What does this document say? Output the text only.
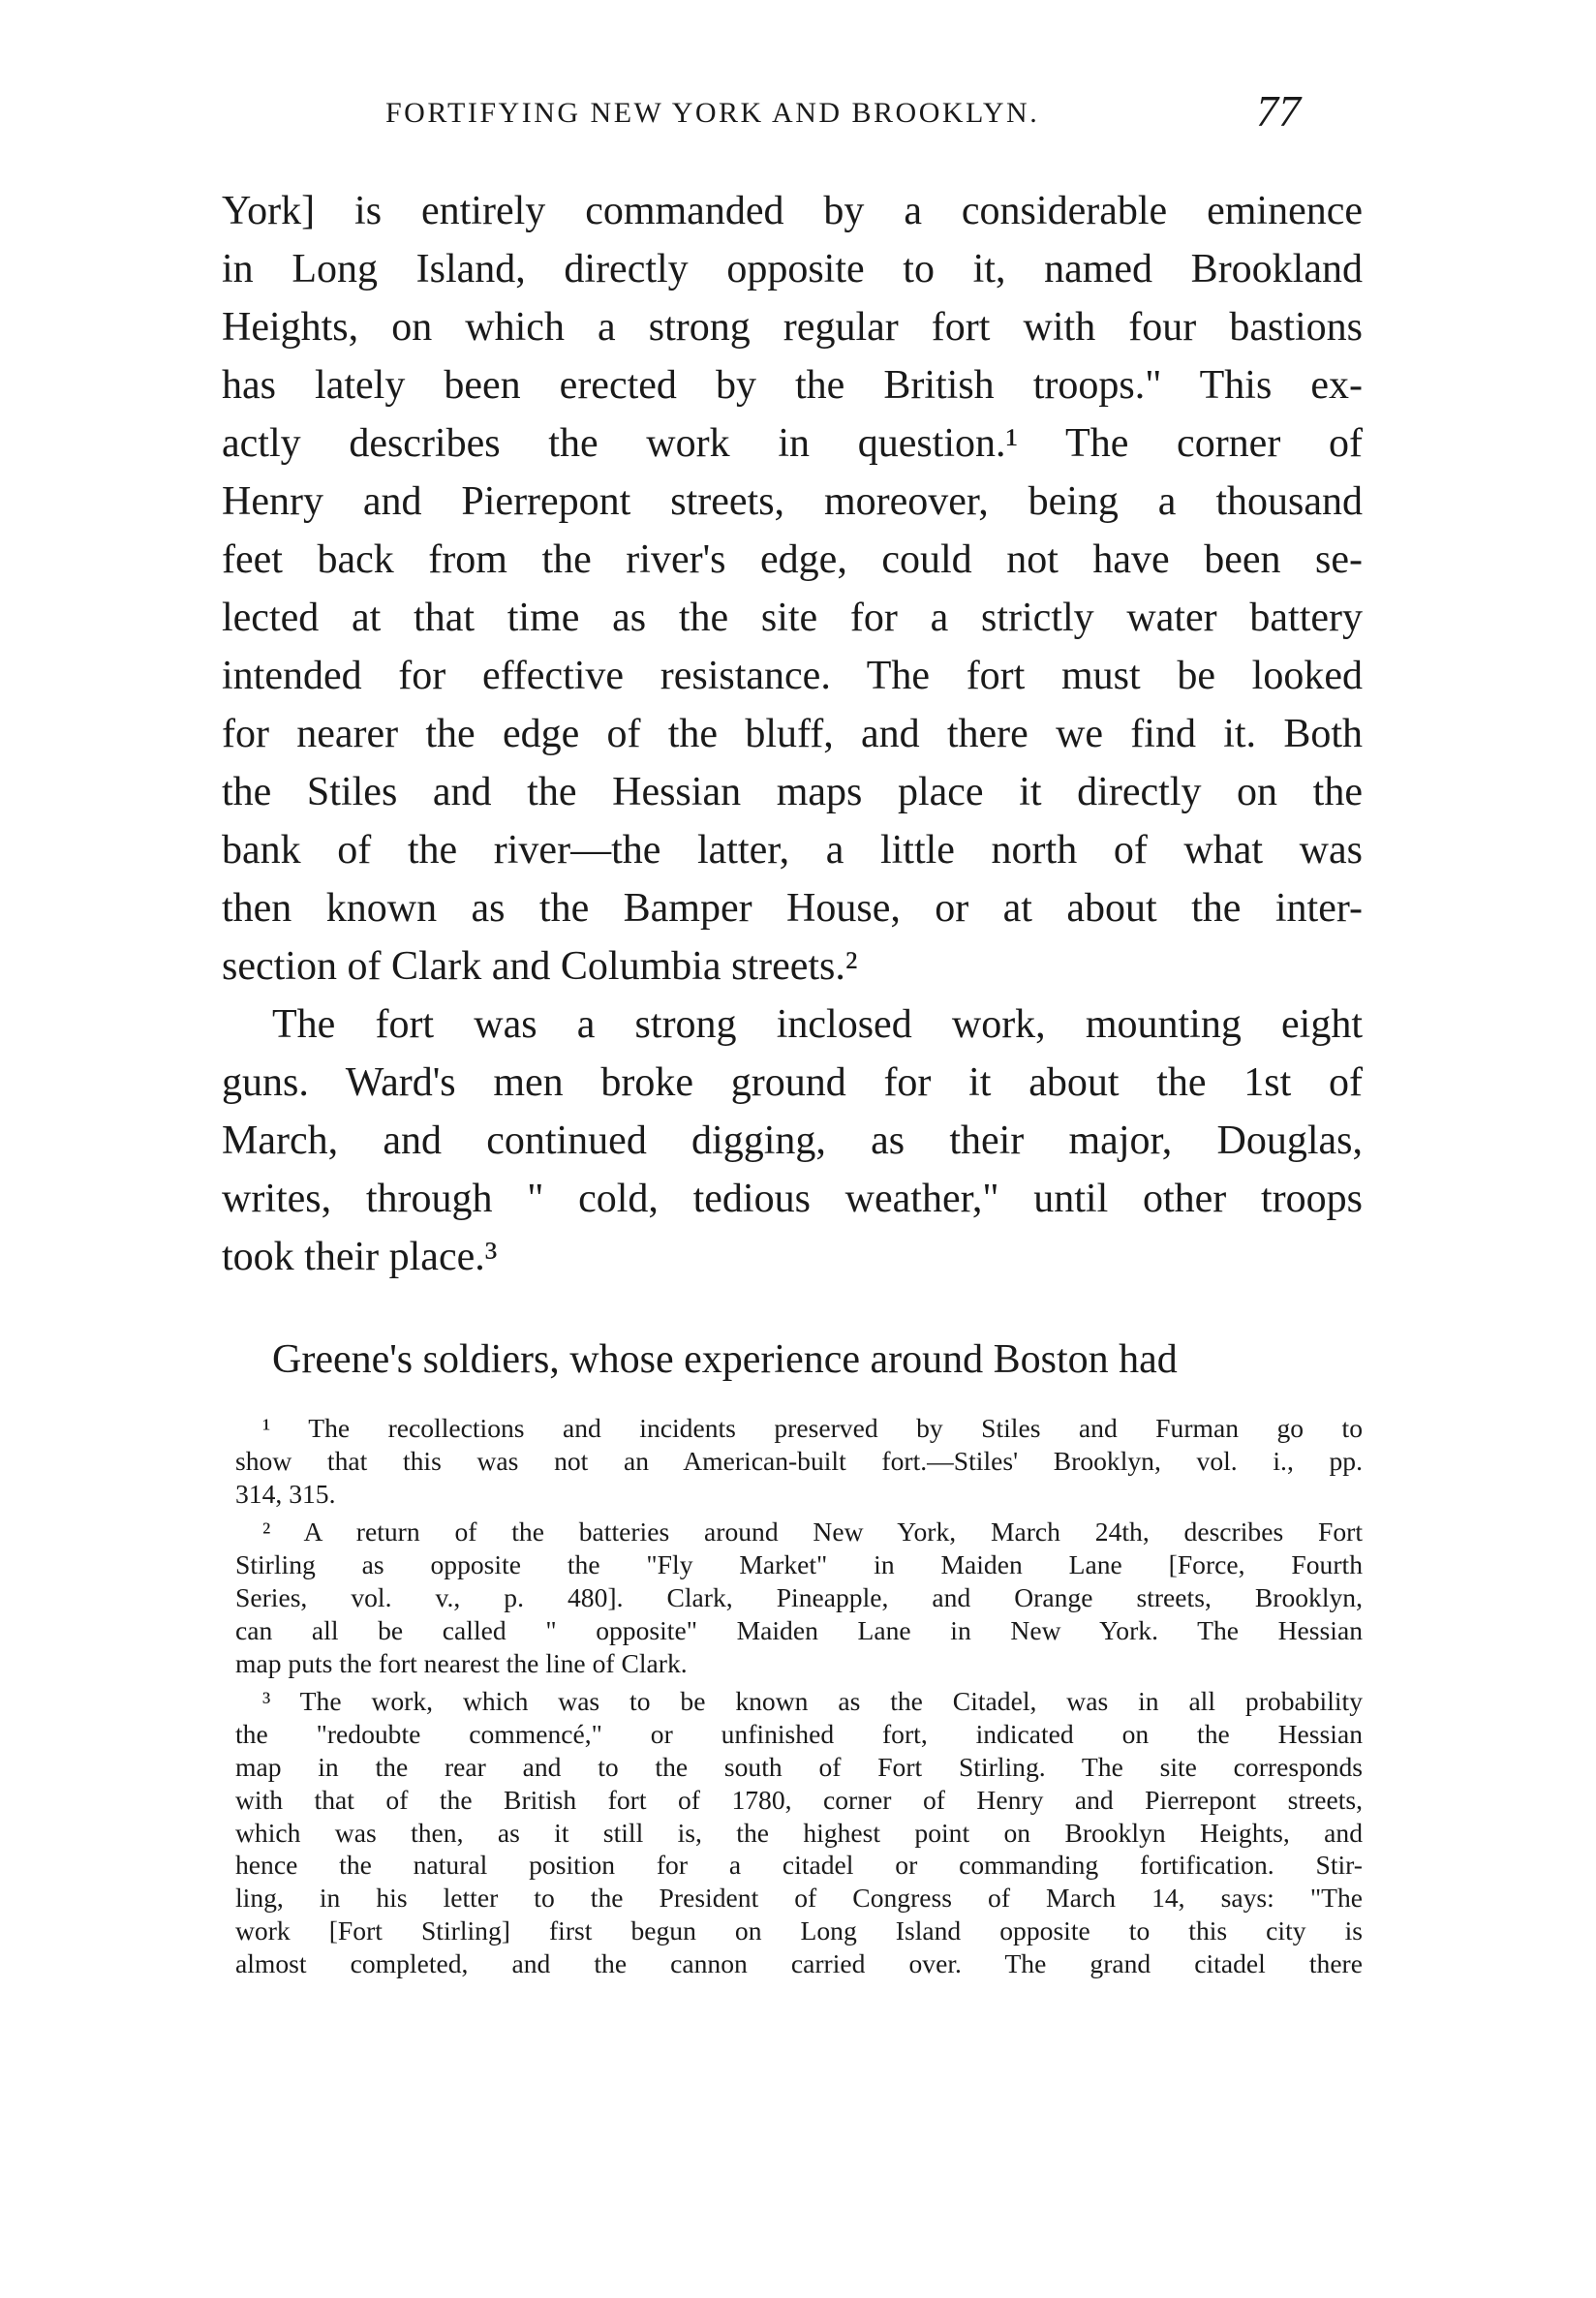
FORTIFYING NEW YORK AND BROOKLYN.	77
York] is entirely commanded by a considerable eminence
in Long Island, directly opposite to it, named Brookland
Heights, on which a strong regular fort with four bastions
has lately been erected by the British troops." This ex-
actly describes the work in question.¹ The corner of
Henry and Pierrepont streets, moreover, being a thousand
feet back from the river's edge, could not have been se-
lected at that time as the site for a strictly water battery
intended for effective resistance. The fort must be looked
for nearer the edge of the bluff, and there we find it. Both
the Stiles and the Hessian maps place it directly on the
bank of the river—the latter, a little north of what was
then known as the Bamper House, or at about the inter-
section of Clark and Columbia streets.²
The fort was a strong inclosed work, mounting eight
guns. Ward's men broke ground for it about the 1st of
March, and continued digging, as their major, Douglas,
writes, through " cold, tedious weather," until other troops
took their place.³
Greene's soldiers, whose experience around Boston had
¹ The recollections and incidents preserved by Stiles and Furman go to
show that this was not an American-built fort.—Stiles' Brooklyn, vol. i., pp.
314, 315.
² A return of the batteries around New York, March 24th, describes Fort
Stirling as opposite the "Fly Market" in Maiden Lane [Force, Fourth
Series, vol. v., p. 480]. Clark, Pineapple, and Orange streets, Brooklyn,
can all be called " opposite" Maiden Lane in New York. The Hessian
map puts the fort nearest the line of Clark.
³ The work, which was to be known as the Citadel, was in all probability
the "redoubte commencé," or unfinished fort, indicated on the Hessian
map in the rear and to the south of Fort Stirling. The site corresponds
with that of the British fort of 1780, corner of Henry and Pierrepont streets,
which was then, as it still is, the highest point on Brooklyn Heights, and
hence the natural position for a citadel or commanding fortification. Stir-
ling, in his letter to the President of Congress of March 14, says: "The
work [Fort Stirling] first begun on Long Island opposite to this city is
almost completed, and the cannon carried over. The grand citadel there
